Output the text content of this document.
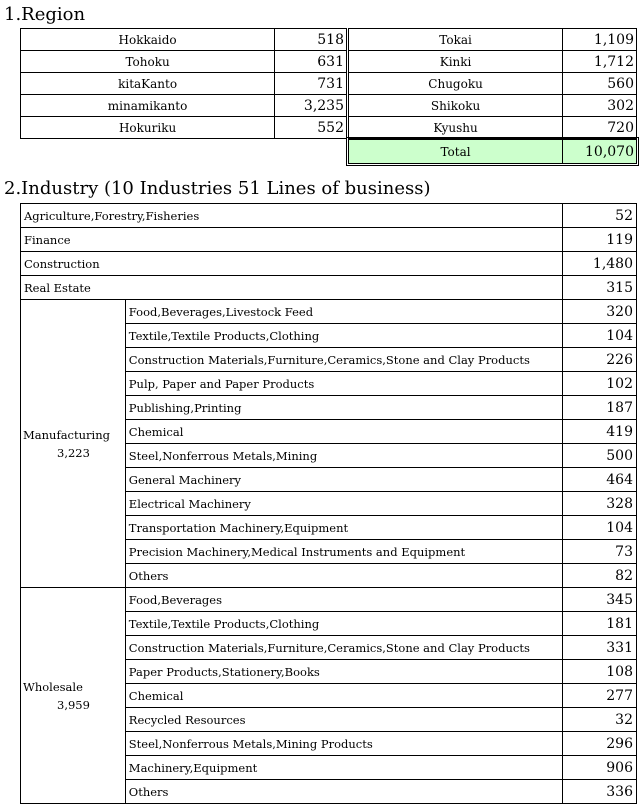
1.Region
Hokkaido	518
Tohoku	631
kitaKanto	731
minamikanto	3,235
Hokuriku	552
Tokai	1,109
Kinki	1,712
Chugoku	560
Shikoku	302
Kyushu	720
Total	10,070
2.Industry (10 Industries 51 Lines of business)
Agriculture,Forestry,Fisheries		52
Finance		119
Construction		1,480
Real Estate		315
Manufacturing
3,223	Food,Beverages,Livestock Feed	320
	Textile,Textile Products,Clothing	104
	Construction Materials,Furniture,Ceramics,Stone and Clay Products	226
	Pulp, Paper and Paper Products	102
	Publishing,Printing	187
	Chemical	419
	Steel,Nonferrous Metals,Mining	500
	General Machinery	464
	Electrical Machinery	328
	Transportation Machinery,Equipment	104
	Precision Machinery,Medical Instruments and Equipment	73
	Others	82
Wholesale
3,959	Food,Beverages	345
	Textile,Textile Products,Clothing	181
	Construction Materials,Furniture,Ceramics,Stone and Clay Products	331
	Paper Products,Stationery,Books	108
	Chemical	277
	Recycled Resources	32
	Steel,Nonferrous Metals,Mining Products	296
	Machinery,Equipment	906
	Others	336
